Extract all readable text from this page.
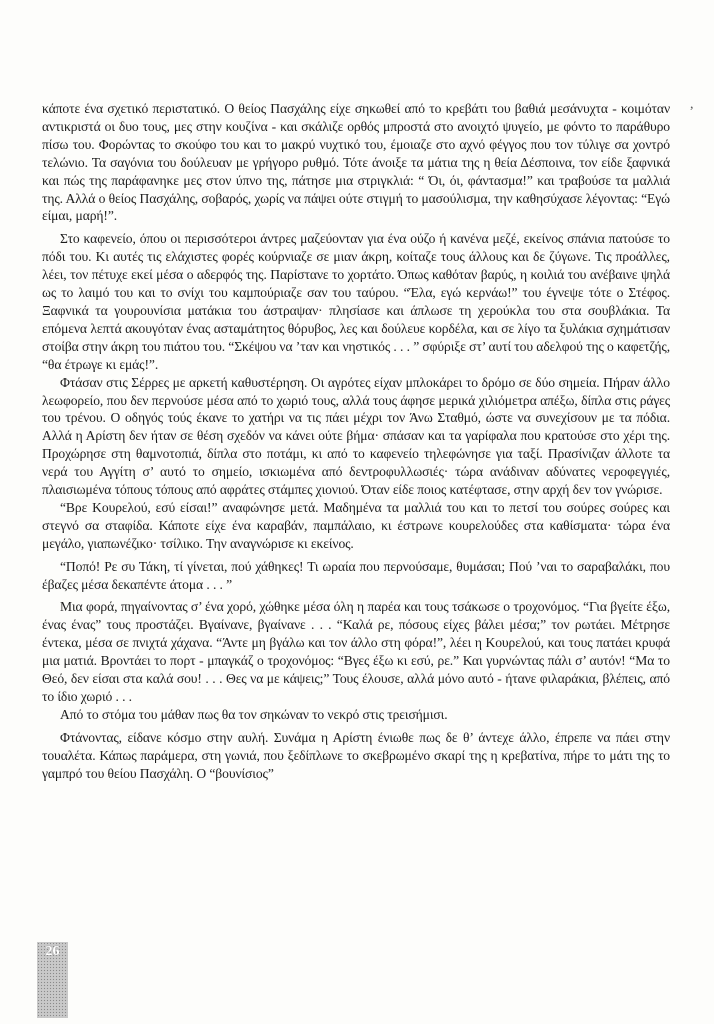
,

κάποτε ένα σχετικό περιστατικό. Ο θείος Πασχάλης είχε σηκωθεί από το κρεβάτι του βαθιά μεσάνυχτα - κοιμόταν αντικριστά οι δυο τους, μες στην κουζίνα - και σκάλιζε ορθός μπροστά στο ανοιχτό ψυγείο, με φόντο το παράθυρο πίσω του. Φορώντας το σκούφο του και το μακρύ νυχτικό του, έμοιαζε στο αχνό φέγγος που τον τύλιγε σα χοντρό τελώνιο. Τα σαγόνια του δούλευαν με γρήγορο ρυθμό. Τότε άνοιξε τα μάτια της η θεία Δέσποινα, τον είδε ξαφνικά και πώς της παράφανηκε μες στον ύπνο της, πάτησε μια στριγκλιά: “ Όι, όι, φάντασμα!” και τραβούσε τα μαλλιά της. Αλλά ο θείος Πασχάλης, σοβαρός, χωρίς να πάψει ούτε στιγμή το μασούλισμα, την καθησύχασε λέγοντας: “Εγώ είμαι, μαρή!”.

Στο καφενείο, όπου οι περισσότεροι άντρες μαζεύονταν για ένα ούζο ή κανένα μεζέ, εκείνος σπάνια πατούσε το πόδι του. Κι αυτές τις ελάχιστες φορές κούρνιαζε σε μιαν άκρη, κοίταζε τους άλλους και δε ζύγωνε. Τις προάλλες, λέει, τον πέτυχε εκεί μέσα ο αδερφός της. Παρίστανε το χορτάτο. Όπως καθόταν βαρύς, η κοιλιά του ανέβαινε ψηλά ως το λαιμό του και το σνίχι του καμπούριαζε σαν του ταύρου. “Έλα, εγώ κερνάω!” του έγνεψε τότε ο Στέφος. Ξαφνικά τα γουρουνίσια ματάκια του άστραψαν· πλησίασε και άπλωσε τη χερούκλα του στα σουβλάκια. Τα επόμενα λεπτά ακουγόταν ένας ασταμάτητος θόρυβος, λες και δούλευε κορδέλα, και σε λίγο τα ξυλάκια σχημάτισαν στοίβα στην άκρη του πιάτου του. “Σκέψου να ’ταν και νηστικός . . . ” σφύριξε στ’ αυτί του αδελφού της ο καφετζής, “θα έτρωγε κι εμάς!”.

Φτάσαν στις Σέρρες με αρκετή καθυστέρηση. Οι αγρότες είχαν μπλοκάρει το δρόμο σε δύο σημεία. Πήραν άλλο λεωφορείο, που δεν περνούσε μέσα από το χωριό τους, αλλά τους άφησε μερικά χιλιόμετρα απέξω, δίπλα στις ράγες του τρένου. Ο οδηγός τούς έκανε το χατήρι να τις πάει μέχρι τον Άνω Σταθμό, ώστε να συνεχίσουν με τα πόδια. Αλλά η Αρίστη δεν ήταν σε θέση σχεδόν να κάνει ούτε βήμα· σπάσαν και τα γαρίφαλα που κρατούσε στο χέρι της. Προχώρησε στη θαμνοτοπιά, δίπλα στο ποτάμι, κι από το καφενείο τηλεφώνησε για ταξί. Πρασίνιζαν άλλοτε τα νερά του Αγγίτη σ’ αυτό το σημείο, ισκιωμένα από δεντροφυλλωσιές· τώρα ανάδιναν αδύνατες νεροφεγγιές, πλαισιωμένα τόπους τόπους από αφράτες στάμπες χιονιού. Όταν είδε ποιος κατέφτασε, στην αρχή δεν τον γνώρισε.

“Βρε Κουρελού, εσύ είσαι!” αναφώνησε μετά. Μαδημένα τα μαλλιά του και το πετσί του σούρες σούρες και στεγνό σα σταφίδα. Κάποτε είχε ένα καραβάν, παμπάλαιο, κι έστρωνε κουρελούδες στα καθίσματα· τώρα ένα μεγάλο, γιαπωνέζικο· τσίλικο. Την αναγνώρισε κι εκείνος.

“Ποπό! Ρε συ Τάκη, τί γίνεται, πού χάθηκες! Τι ωραία που περνούσαμε, θυμάσαι; Πού ’ναι το σαραβαλάκι, που έβαζες μέσα δεκαπέντε άτομα . . . ”

Μια φορά, πηγαίνοντας σ’ ένα χορό, χώθηκε μέσα όλη η παρέα και τους τσάκωσε ο τροχονόμος. “Για βγείτε έξω, ένας ένας” τους προστάζει. Βγαίνανε, βγαίνανε . . . “Καλά ρε, πόσους είχες βάλει μέσα;” τον ρωτάει. Μέτρησε έντεκα, μέσα σε πνιχτά χάχανα. “Άντε μη βγάλω και τον άλλο στη φόρα!”, λέει η Κουρελού, και τους πατάει κρυφά μια ματιά. Βροντάει το πορτ - μπαγκάζ ο τροχονόμος: “Βγες έξω κι εσύ, ρε.” Και γυρνώντας πάλι σ’ αυτόν! “Μα το Θεό, δεν είσαι στα καλά σου! . . . Θες να με κάψεις;” Τους έλουσε, αλλά μόνο αυτό - ήτανε φιλαράκια, βλέπεις, από το ίδιο χωριό . . .

Από το στόμα του μάθαν πως θα τον σηκώναν το νεκρό στις τρεισήμισι.

Φτάνοντας, είδανε κόσμο στην αυλή. Συνάμα η Αρίστη ένιωθε πως δε θ’ άντεχε άλλο, έπρεπε να πάει στην τουαλέτα. Κάπως παράμερα, στη γωνιά, που ξεδίπλωνε το σκεβρωμένο σκαρί της η κρεβατίνα, πήρε το μάτι της το γαμπρό του θείου Πασχάλη. Ο “βουνίσιος”

26
